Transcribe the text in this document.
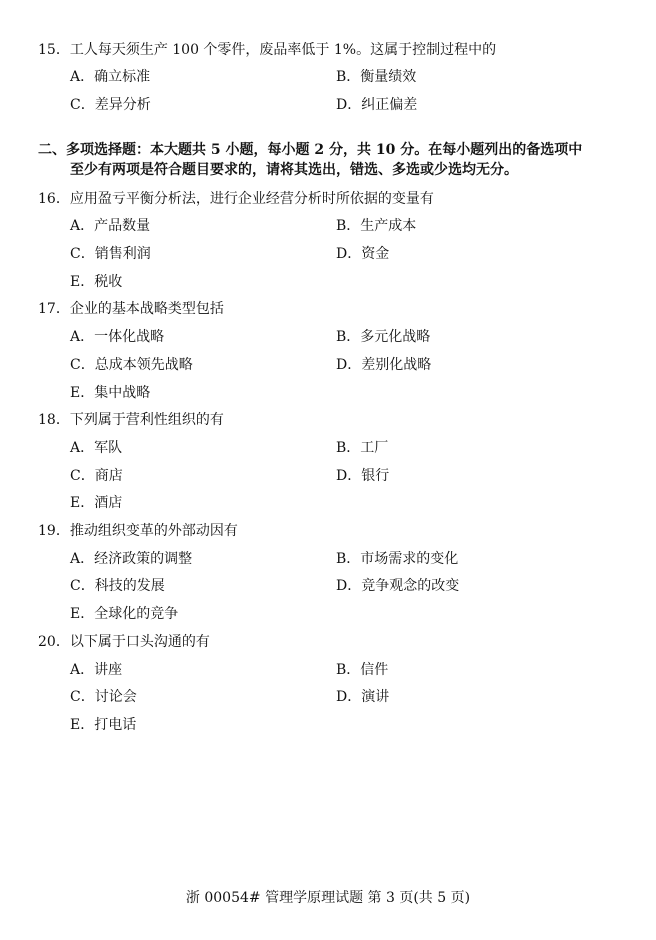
15．工人每天须生产 100 个零件，废品率低于 1%。这属于控制过程中的
A．确立标准	B．衡量绩效
C．差异分析	D．纠正偏差
二、多项选择题：本大题共 5 小题，每小题 2 分，共 10 分。在每小题列出的备选项中
至少有两项是符合题目要求的，请将其选出，错选、多选或少选均无分。
16．应用盈亏平衡分析法，进行企业经营分析时所依据的变量有
A．产品数量	B．生产成本
C．销售利润	D．资金
E．税收
17．企业的基本战略类型包括
A．一体化战略	B．多元化战略
C．总成本领先战略	D．差别化战略
E．集中战略
18．下列属于营利性组织的有
A．军队	B．工厂
C．商店	D．银行
E．酒店
19．推动组织变革的外部动因有
A．经济政策的调整	B．市场需求的变化
C．科技的发展	D．竞争观念的改变
E．全球化的竞争
20．以下属于口头沟通的有
A．讲座	B．信件
C．讨论会	D．演讲
E．打电话
浙 00054# 管理学原理试题 第 3 页(共 5 页)
